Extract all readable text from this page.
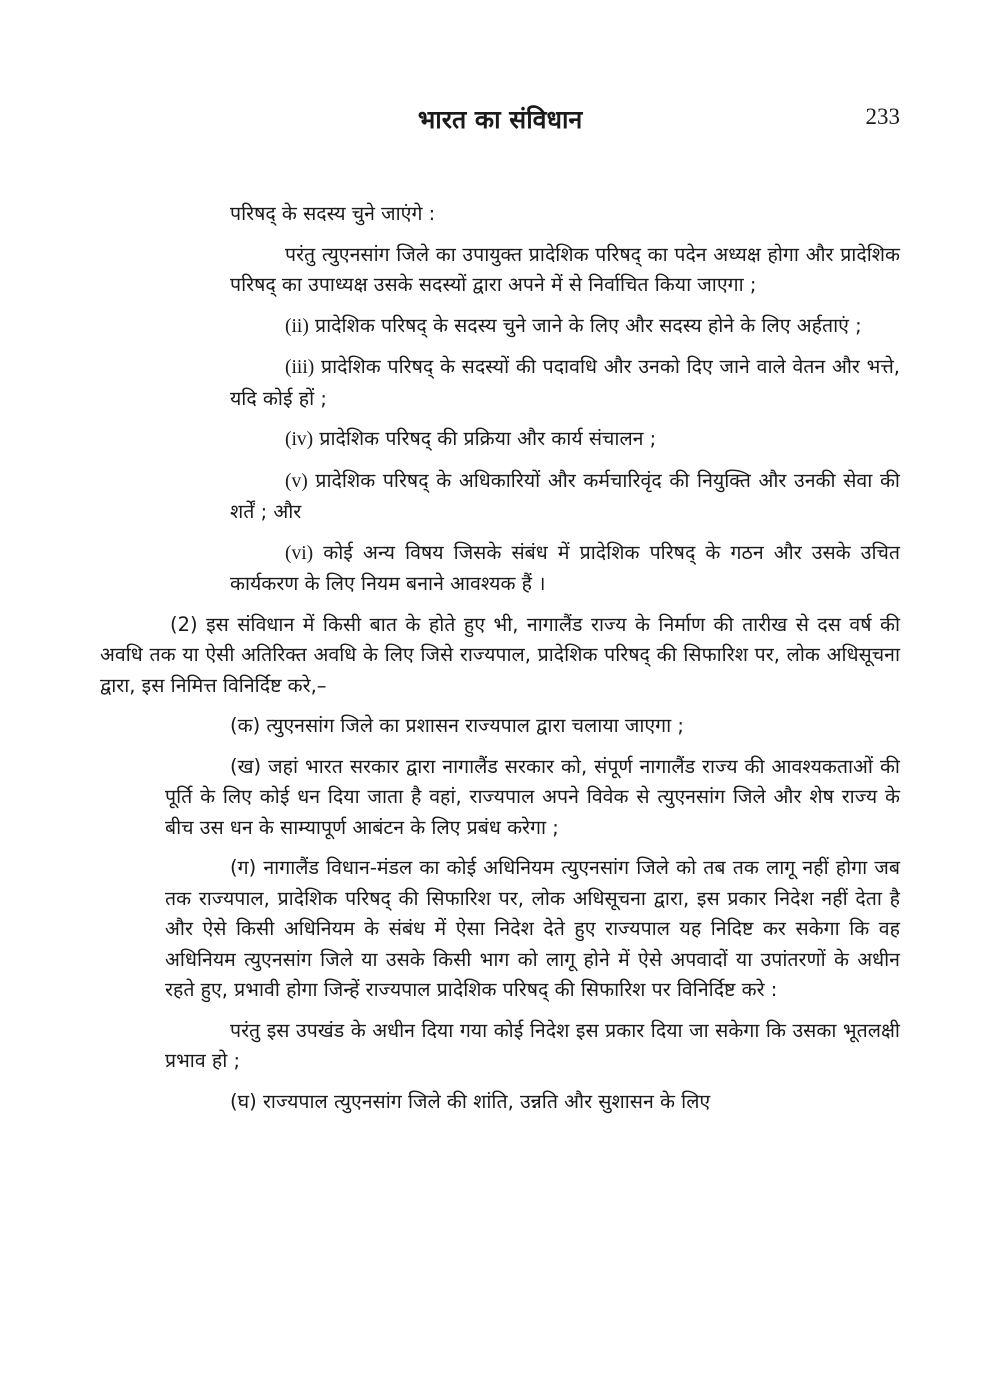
भारत का संविधान	233

परिषद् के सदस्य चुने जाएंगे :

परंतु त्युएनसांग जिले का उपायुक्त प्रादेशिक परिषद् का पदेन अध्यक्ष होगा और प्रादेशिक परिषद् का उपाध्यक्ष उसके सदस्यों द्वारा अपने में से निर्वाचित किया जाएगा ;

(ii) प्रादेशिक परिषद् के सदस्य चुने जाने के लिए और सदस्य होने के लिए अर्हताएं ;

(iii) प्रादेशिक परिषद् के सदस्यों की पदावधि और उनको दिए जाने वाले वेतन और भत्ते, यदि कोई हों ;

(iv) प्रादेशिक परिषद् की प्रक्रिया और कार्य संचालन ;

(v) प्रादेशिक परिषद् के अधिकारियों और कर्मचारिवृंद की नियुक्ति और उनकी सेवा की शर्तें ; और

(vi) कोई अन्य विषय जिसके संबंध में प्रादेशिक परिषद् के गठन और उसके उचित कार्यकरण के लिए नियम बनाने आवश्यक हैं ।

(2) इस संविधान में किसी बात के होते हुए भी, नागालैंड राज्य के निर्माण की तारीख से दस वर्ष की अवधि तक या ऐसी अतिरिक्त अवधि के लिए जिसे राज्यपाल, प्रादेशिक परिषद् की सिफारिश पर, लोक अधिसूचना द्वारा, इस निमित्त विनिर्दिष्ट करे,–

(क) त्युएनसांग जिले का प्रशासन राज्यपाल द्वारा चलाया जाएगा ;

(ख) जहां भारत सरकार द्वारा नागालैंड सरकार को, संपूर्ण नागालैंड राज्य की आवश्यकताओं की पूर्ति के लिए कोई धन दिया जाता है वहां, राज्यपाल अपने विवेक से त्युएनसांग जिले और शेष राज्य के बीच उस धन के साम्यापूर्ण आबंटन के लिए प्रबंध करेगा ;

(ग) नागालैंड विधान-मंडल का कोई अधिनियम त्युएनसांग जिले को तब तक लागू नहीं होगा जब तक राज्यपाल, प्रादेशिक परिषद् की सिफारिश पर, लोक अधिसूचना द्वारा, इस प्रकार निदेश नहीं देता है और ऐसे किसी अधिनियम के संबंध में ऐसा निदेश देते हुए राज्यपाल यह निदिष्ट कर सकेगा कि वह अधिनियम त्युएनसांग जिले या उसके किसी भाग को लागू होने में ऐसे अपवादों या उपांतरणों के अधीन रहते हुए, प्रभावी होगा जिन्हें राज्यपाल प्रादेशिक परिषद् की सिफारिश पर विनिर्दिष्ट करे :

परंतु इस उपखंड के अधीन दिया गया कोई निदेश इस प्रकार दिया जा सकेगा कि उसका भूतलक्षी प्रभाव हो ;

(घ) राज्यपाल त्युएनसांग जिले की शांति, उन्नति और सुशासन के लिए
